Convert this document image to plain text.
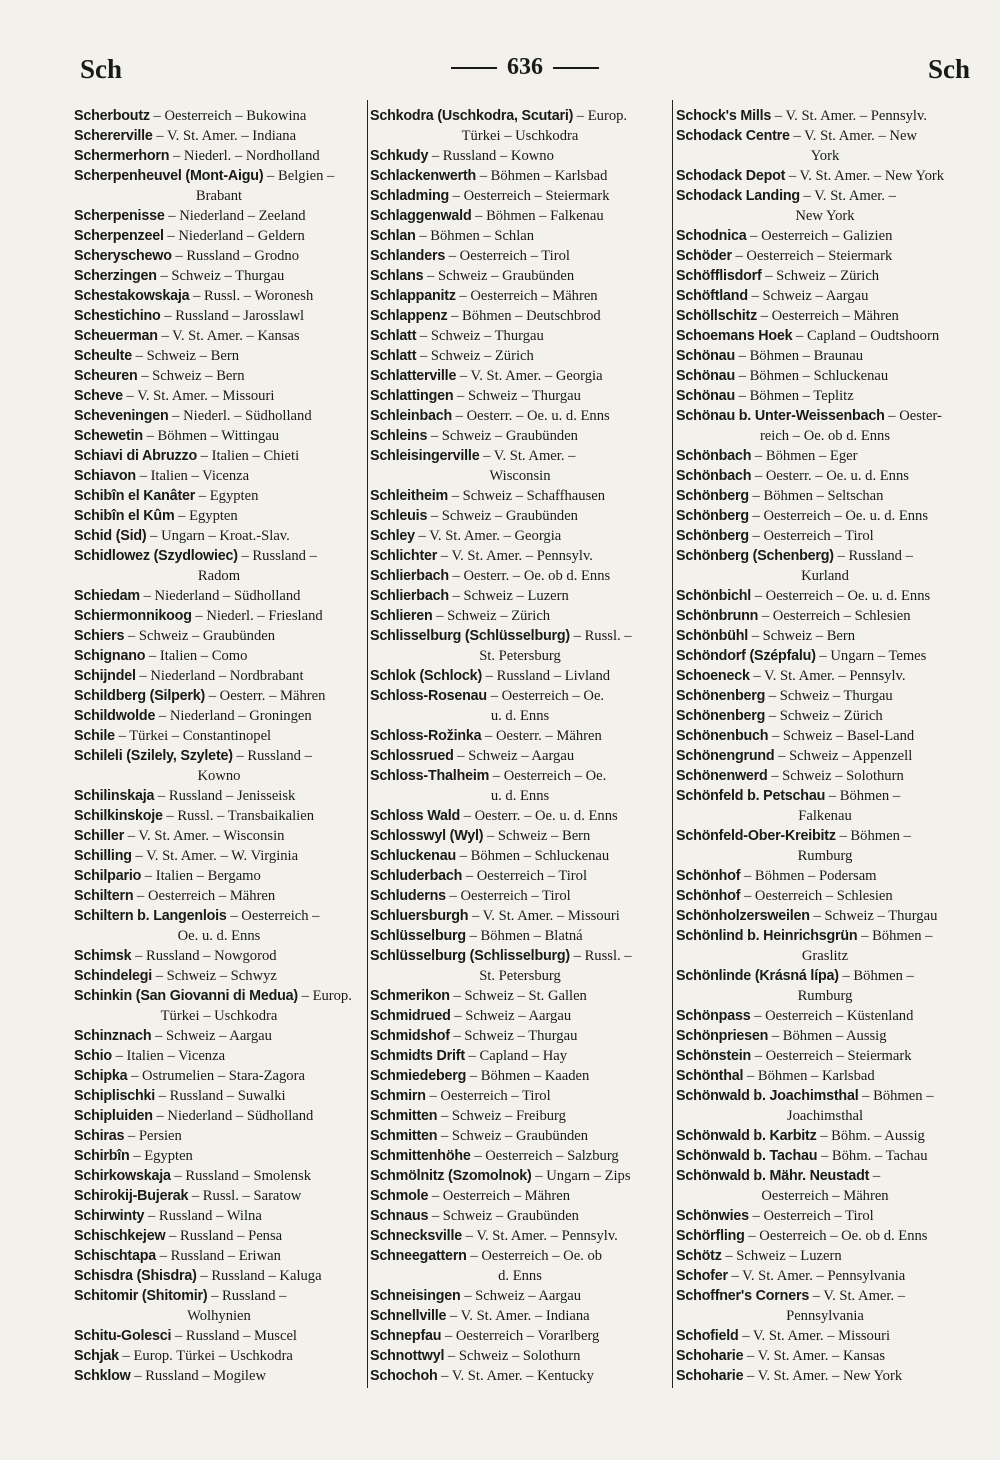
Sch	636	Sch

Scherboutz – Oesterreich – Bukowina

Schererville – V. St. Amer. – Indiana

Schermerhorn – Niederl. – Nordholland

Scherpenheuvel (Mont-Aigu) – Belgien –
Brabant

Scherpenisse – Niederland – Zeeland

Scherpenzeel – Niederland – Geldern

Scheryschewo – Russland – Grodno

Scherzingen – Schweiz – Thurgau

Schestakowskaja – Russl. – Woronesh

Schestichino – Russland – Jarosslawl

Scheuerman – V. St. Amer. – Kansas

Scheulte – Schweiz – Bern

Scheuren – Schweiz – Bern

Scheve – V. St. Amer. – Missouri

Scheveningen – Niederl. – Südholland

Schewetin – Böhmen – Wittingau

Schiavi di Abruzzo – Italien – Chieti

Schiavon – Italien – Vicenza

Schibîn el Kanâter – Egypten

Schibîn el Kûm – Egypten

Schid (Sid) – Ungarn – Kroat.-Slav.

Schidlowez (Szydlowiec) – Russland –
Radom

Schiedam – Niederland – Südholland

Schiermonnikoog – Niederl. – Friesland

Schiers – Schweiz – Graubünden

Schignano – Italien – Como

Schijndel – Niederland – Nordbrabant

Schildberg (Silperk) – Oesterr. – Mähren

Schildwolde – Niederland – Groningen

Schile – Türkei – Constantinopel

Schileli (Szilely, Szylete) – Russland –
Kowno

Schilinskaja – Russland – Jenisseisk

Schilkinskoje – Russl. – Transbaikalien

Schiller – V. St. Amer. – Wisconsin

Schilling – V. St. Amer. – W. Virginia

Schilpario – Italien – Bergamo

Schiltern – Oesterreich – Mähren

Schiltern b. Langenlois – Oesterreich –
Oe. u. d. Enns

Schimsk – Russland – Nowgorod

Schindelegi – Schweiz – Schwyz

Schinkin (San Giovanni di Medua) – Europ.
Türkei – Uschkodra

Schinznach – Schweiz – Aargau

Schio – Italien – Vicenza

Schipka – Ostrumelien – Stara-Zagora

Schiplischki – Russland – Suwalki

Schipluiden – Niederland – Südholland

Schiras – Persien

Schirbîn – Egypten

Schirkowskaja – Russland – Smolensk

Schirokij-Bujerak – Russl. – Saratow

Schirwinty – Russland – Wilna

Schischkejew – Russland – Pensa

Schischtapa – Russland – Eriwan

Schisdra (Shisdra) – Russland – Kaluga

Schitomir (Shitomir) – Russland –
Wolhynien

Schitu-Golesci – Russland – Muscel

Schjak – Europ. Türkei – Uschkodra

Schklow – Russland – Mogilew

Schkodra (Uschkodra, Scutari) – Europ.
Türkei – Uschkodra

Schkudy – Russland – Kowno

Schlackenwerth – Böhmen – Karlsbad

Schladming – Oesterreich – Steiermark

Schlaggenwald – Böhmen – Falkenau

Schlan – Böhmen – Schlan

Schlanders – Oesterreich – Tirol

Schlans – Schweiz – Graubünden

Schlappanitz – Oesterreich – Mähren

Schlappenz – Böhmen – Deutschbrod

Schlatt – Schweiz – Thurgau

Schlatt – Schweiz – Zürich

Schlatterville – V. St. Amer. – Georgia

Schlattingen – Schweiz – Thurgau

Schleinbach – Oesterr. – Oe. u. d. Enns

Schleins – Schweiz – Graubünden

Schleisingerville – V. St. Amer. –
Wisconsin

Schleitheim – Schweiz – Schaffhausen

Schleuis – Schweiz – Graubünden

Schley – V. St. Amer. – Georgia

Schlichter – V. St. Amer. – Pennsylv.

Schlierbach – Oesterr. – Oe. ob d. Enns

Schlierbach – Schweiz – Luzern

Schlieren – Schweiz – Zürich

Schlisselburg (Schlüsselburg) – Russl. –
St. Petersburg

Schlok (Schlock) – Russland – Livland

Schloss-Rosenau – Oesterreich – Oe.
u. d. Enns

Schloss-Rožinka – Oesterr. – Mähren

Schlossrued – Schweiz – Aargau

Schloss-Thalheim – Oesterreich – Oe.
u. d. Enns

Schloss Wald – Oesterr. – Oe. u. d. Enns

Schlosswyl (Wyl) – Schweiz – Bern

Schluckenau – Böhmen – Schluckenau

Schluderbach – Oesterreich – Tirol

Schluderns – Oesterreich – Tirol

Schluersburgh – V. St. Amer. – Missouri

Schlüsselburg – Böhmen – Blatná

Schlüsselburg (Schlisselburg) – Russl. –
St. Petersburg

Schmerikon – Schweiz – St. Gallen

Schmidrued – Schweiz – Aargau

Schmidshof – Schweiz – Thurgau

Schmidts Drift – Capland – Hay

Schmiedeberg – Böhmen – Kaaden

Schmirn – Oesterreich – Tirol

Schmitten – Schweiz – Freiburg

Schmitten – Schweiz – Graubünden

Schmittenhöhe – Oesterreich – Salzburg

Schmölnitz (Szomolnok) – Ungarn – Zips

Schmole – Oesterreich – Mähren

Schnaus – Schweiz – Graubünden

Schnecksville – V. St. Amer. – Pennsylv.

Schneegattern – Oesterreich – Oe. ob
d. Enns

Schneisingen – Schweiz – Aargau

Schnellville – V. St. Amer. – Indiana

Schnepfau – Oesterreich – Vorarlberg

Schnottwyl – Schweiz – Solothurn

Schochoh – V. St. Amer. – Kentucky

Schock's Mills – V. St. Amer. – Pennsylv.

Schodack Centre – V. St. Amer. – New
York

Schodack Depot – V. St. Amer. – New York

Schodack Landing – V. St. Amer. –
New York

Schodnica – Oesterreich – Galizien

Schöder – Oesterreich – Steiermark

Schöfflisdorf – Schweiz – Zürich

Schöftland – Schweiz – Aargau

Schöllschitz – Oesterreich – Mähren

Schoemans Hoek – Capland – Oudtshoorn

Schönau – Böhmen – Braunau

Schönau – Böhmen – Schluckenau

Schönau – Böhmen – Teplitz

Schönau b. Unter-Weissenbach – Oester-
reich – Oe. ob d. Enns

Schönbach – Böhmen – Eger

Schönbach – Oesterr. – Oe. u. d. Enns

Schönberg – Böhmen – Seltschan

Schönberg – Oesterreich – Oe. u. d. Enns

Schönberg – Oesterreich – Tirol

Schönberg (Schenberg) – Russland –
Kurland

Schönbichl – Oesterreich – Oe. u. d. Enns

Schönbrunn – Oesterreich – Schlesien

Schönbühl – Schweiz – Bern

Schöndorf (Szépfalu) – Ungarn – Temes

Schoeneck – V. St. Amer. – Pennsylv.

Schönenberg – Schweiz – Thurgau

Schönenberg – Schweiz – Zürich

Schönenbuch – Schweiz – Basel-Land

Schönengrund – Schweiz – Appenzell

Schönenwerd – Schweiz – Solothurn

Schönfeld b. Petschau – Böhmen –
Falkenau

Schönfeld-Ober-Kreibitz – Böhmen –
Rumburg

Schönhof – Böhmen – Podersam

Schönhof – Oesterreich – Schlesien

Schönholzersweilen – Schweiz – Thurgau

Schönlind b. Heinrichsgrün – Böhmen –
Graslitz

Schönlinde (Krásná lípa) – Böhmen –
Rumburg

Schönpass – Oesterreich – Küstenland

Schönpriesen – Böhmen – Aussig

Schönstein – Oesterreich – Steiermark

Schönthal – Böhmen – Karlsbad

Schönwald b. Joachimsthal – Böhmen –
Joachimsthal

Schönwald b. Karbitz – Böhm. – Aussig

Schönwald b. Tachau – Böhm. – Tachau

Schönwald b. Mähr. Neustadt –
Oesterreich – Mähren

Schönwies – Oesterreich – Tirol

Schörfling – Oesterreich – Oe. ob d. Enns

Schötz – Schweiz – Luzern

Schofer – V. St. Amer. – Pennsylvania

Schoffner's Corners – V. St. Amer. –
Pennsylvania

Schofield – V. St. Amer. – Missouri

Schoharie – V. St. Amer. – Kansas

Schoharie – V. St. Amer. – New York
